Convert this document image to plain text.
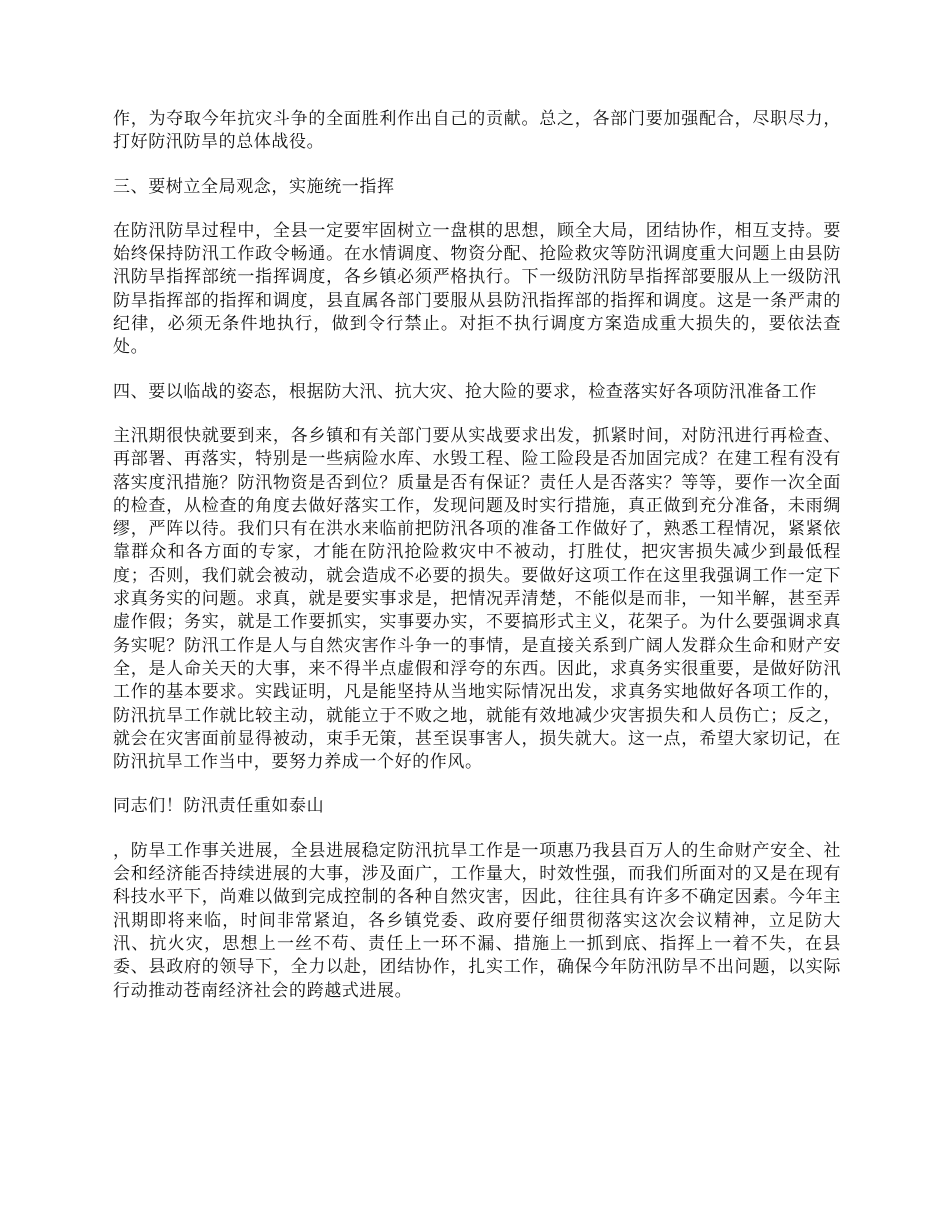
作，为夺取今年抗灾斗争的全面胜利作出自己的贡献。总之，各部门要加强配合，尽职尽力，打好防汛防旱的总体战役。

三、要树立全局观念，实施统一指挥

在防汛防旱过程中，全县一定要牢固树立一盘棋的思想，顾全大局，团结协作，相互支持。要始终保持防汛工作政令畅通。在水情调度、物资分配、抢险救灾等防汛调度重大问题上由县防汛防旱指挥部统一指挥调度，各乡镇必须严格执行。下一级防汛防旱指挥部要服从上一级防汛防旱指挥部的指挥和调度，县直属各部门要服从县防汛指挥部的指挥和调度。这是一条严肃的纪律，必须无条件地执行，做到令行禁止。对拒不执行调度方案造成重大损失的，要依法查处。

四、要以临战的姿态，根据防大汛、抗大灾、抢大险的要求，检查落实好各项防汛准备工作

主汛期很快就要到来，各乡镇和有关部门要从实战要求出发，抓紧时间，对防汛进行再检查、再部署、再落实，特别是一些病险水库、水毁工程、险工险段是否加固完成？在建工程有没有落实度汛措施？防汛物资是否到位？质量是否有保证？责任人是否落实？等等，要作一次全面的检查，从检查的角度去做好落实工作，发现问题及时实行措施，真正做到充分准备，未雨绸缪，严阵以待。我们只有在洪水来临前把防汛各项的准备工作做好了，熟悉工程情况，紧紧依靠群众和各方面的专家，才能在防汛抢险救灾中不被动，打胜仗，把灾害损失减少到最低程度；否则，我们就会被动，就会造成不必要的损失。要做好这项工作在这里我强调工作一定下求真务实的问题。求真，就是要实事求是，把情况弄清楚，不能似是而非，一知半解，甚至弄虚作假；务实，就是工作要抓实，实事要办实，不要搞形式主义，花架子。为什么要强调求真务实呢？防汛工作是人与自然灾害作斗争一的事情，是直接关系到广阔人发群众生命和财产安全，是人命关天的大事，来不得半点虚假和浮夸的东西。因此，求真务实很重要，是做好防汛工作的基本要求。实践证明，凡是能坚持从当地实际情况出发，求真务实地做好各项工作的，防汛抗旱工作就比较主动，就能立于不败之地，就能有效地减少灾害损失和人员伤亡；反之，就会在灾害面前显得被动，束手无策，甚至误事害人，损失就大。这一点，希望大家切记，在防汛抗旱工作当中，要努力养成一个好的作风。

同志们！防汛责任重如泰山

，防旱工作事关进展，全县进展稳定防汛抗旱工作是一项惠乃我县百万人的生命财产安全、社会和经济能否持续进展的大事，涉及面广，工作量大，时效性强，而我们所面对的又是在现有科技水平下，尚难以做到完成控制的各种自然灾害，因此，往往具有许多不确定因素。今年主汛期即将来临，时间非常紧迫，各乡镇党委、政府要仔细贯彻落实这次会议精神，立足防大汛、抗火灾，思想上一丝不苟、责任上一环不漏、措施上一抓到底、指挥上一着不失，在县委、县政府的领导下，全力以赴，团结协作，扎实工作，确保今年防汛防旱不出问题，以实际行动推动苍南经济社会的跨越式进展。
